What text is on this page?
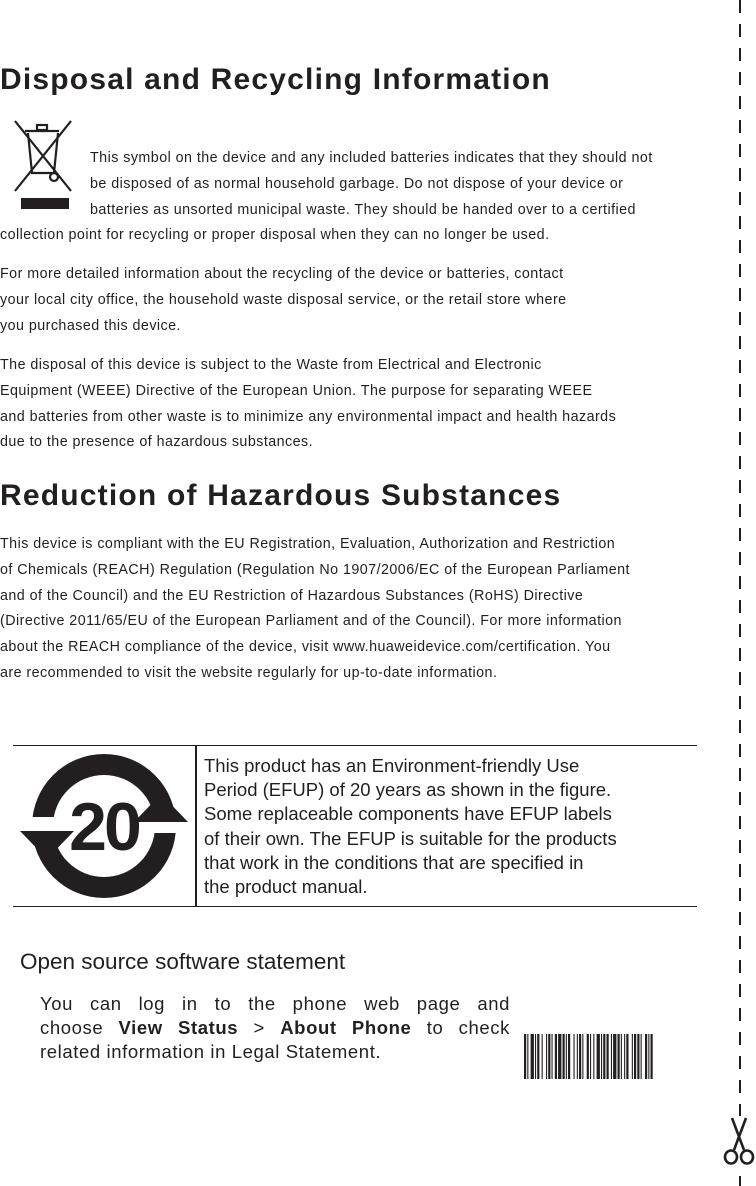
Disposal and Recycling Information
This symbol on the device and any included batteries indicates that they should not
be disposed of as normal household garbage. Do not dispose of your device or
batteries as unsorted municipal waste. They should be handed over to a certified
collection point for recycling or proper disposal when they can no longer be used.
For more detailed information about the recycling of the device or batteries, contact
your local city office, the household waste disposal service, or the retail store where
you purchased this device.
The disposal of this device is subject to the Waste from Electrical and Electronic
Equipment (WEEE) Directive of the European Union. The purpose for separating WEEE
and batteries from other waste is to minimize any environmental impact and health hazards
due to the presence of hazardous substances.
Reduction of Hazardous Substances
This device is compliant with the EU Registration, Evaluation, Authorization and Restriction
of Chemicals (REACH) Regulation (Regulation No 1907/2006/EC of the European Parliament
and of the Council) and the EU Restriction of Hazardous Substances (RoHS) Directive
(Directive 2011/65/EU of the European Parliament and of the Council). For more information
about the REACH compliance of the device, visit www.huaweidevice.com/certification. You
are recommended to visit the website regularly for up-to-date information.
20
This product has an Environment-friendly Use
Period (EFUP) of 20 years as shown in the figure.
Some replaceable components have EFUP labels
of their own. The EFUP is suitable for the products
that work in the conditions that are specified in
the product manual.
Open source software statement
You can log in to the phone web page and
choose View Status > About Phone to check
related information in Legal Statement.
